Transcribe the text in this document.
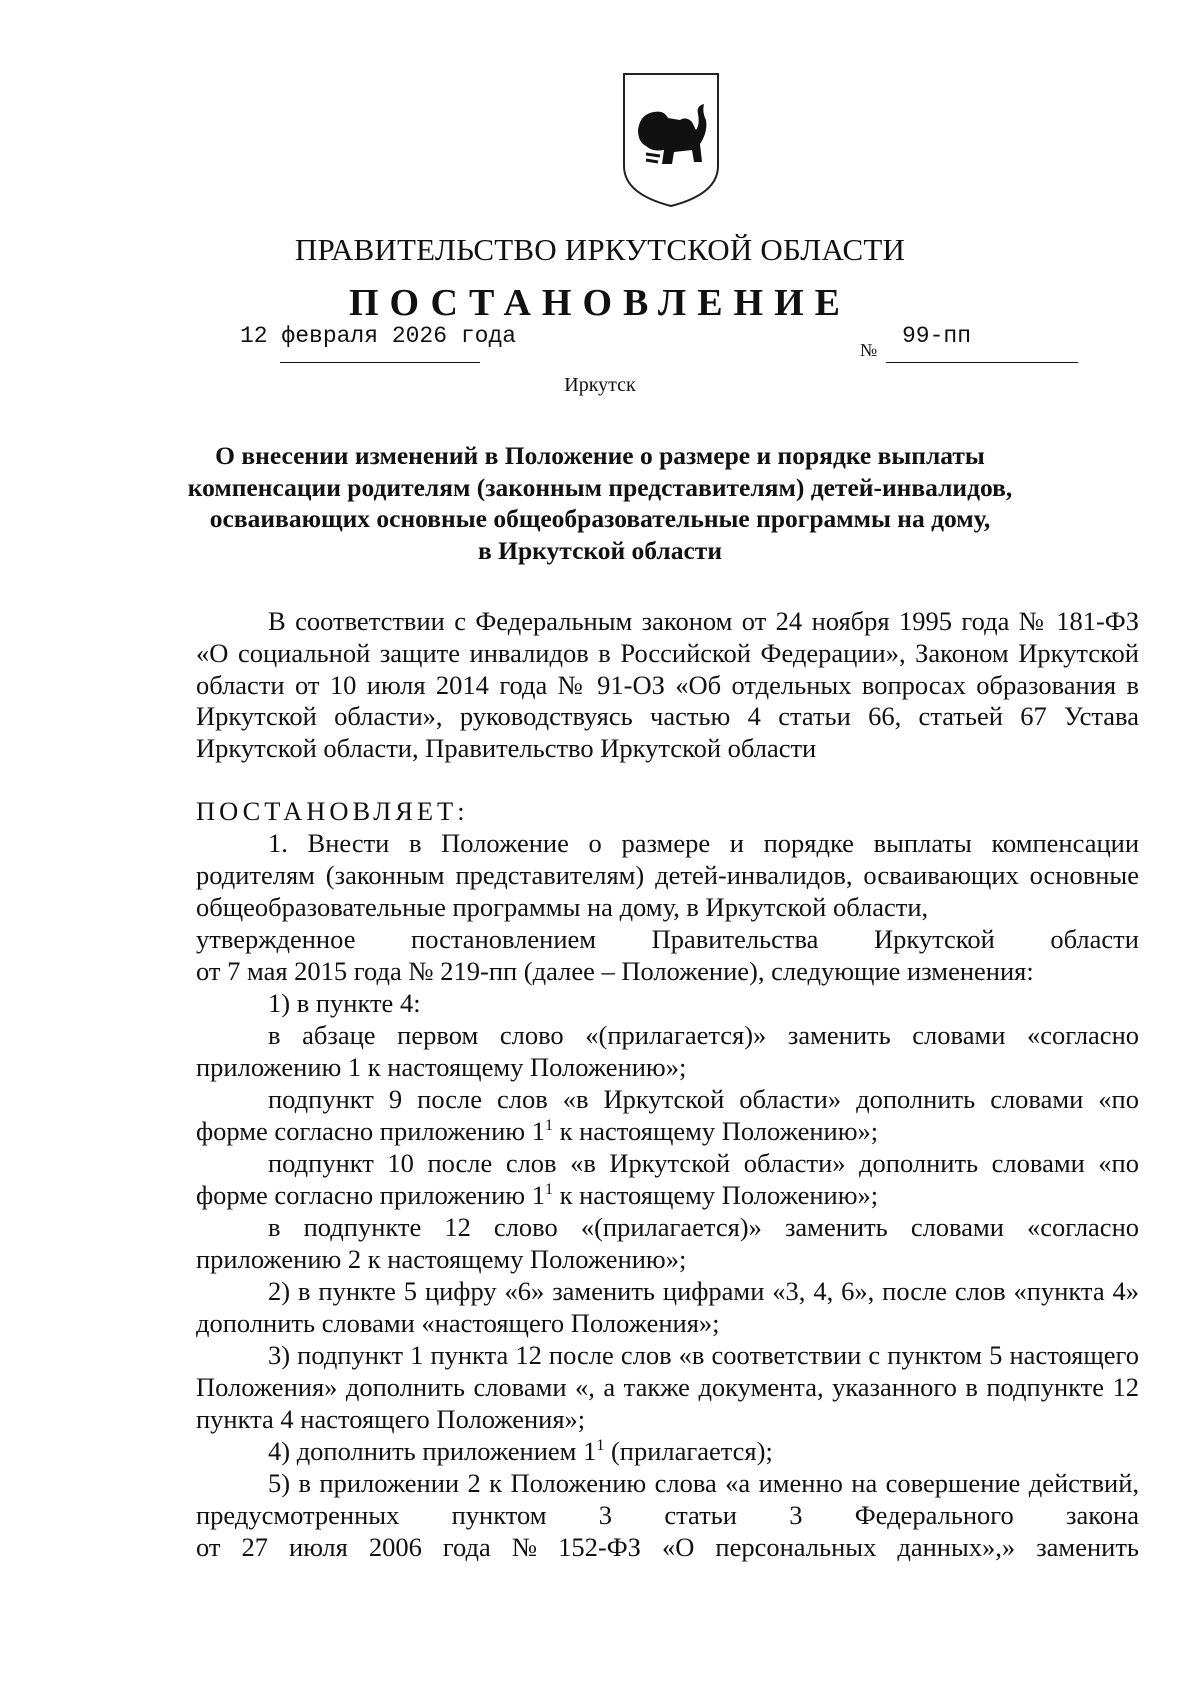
ПРАВИТЕЛЬСТВО ИРКУТСКОЙ ОБЛАСТИ
ПОСТАНОВЛЕНИЕ
12 февраля 2026 года
№
99-пп
Иркутск
О внесении изменений в Положение о размере и порядке выплаты
компенсации родителям (законным представителям) детей-инвалидов,
осваивающих основные общеобразовательные программы на дому,
в Иркутской области
В соответствии с Федеральным законом от 24 ноября 1995 года № 181-ФЗ «О социальной защите инвалидов в Российской Федерации», Законом Иркутской области от 10 июля 2014 года № 91-ОЗ «Об отдельных вопросах образования в Иркутской области», руководствуясь частью 4 статьи 66, статьей 67 Устава Иркутской области, Правительство Иркутской области
ПОСТАНОВЛЯЕТ:
1. Внести в Положение о размере и порядке выплаты компенсации родителям (законным представителям) детей-инвалидов, осваивающих основные общеобразовательные программы на дому, в Иркутской области,
утвержденное постановлением Правительства Иркутской области
от 7 мая 2015 года № 219-пп (далее – Положение), следующие изменения:
1) в пункте 4:
в абзаце первом слово «(прилагается)» заменить словами «согласно приложению 1 к настоящему Положению»;
подпункт 9 после слов «в Иркутской области» дополнить словами «по
форме согласно приложению $1^1$ к настоящему Положению»;
подпункт 10 после слов «в Иркутской области» дополнить словами «по
форме согласно приложению $1^1$ к настоящему Положению»;
в подпункте 12 слово «(прилагается)» заменить словами «согласно приложению 2 к настоящему Положению»;
2) в пункте 5 цифру «6» заменить цифрами «3, 4, 6», после слов «пункта 4» дополнить словами «настоящего Положения»;
3) подпункт 1 пункта 12 после слов «в соответствии с пунктом 5 настоящего Положения» дополнить словами «, а также документа, указанного в подпункте 12 пункта 4 настоящего Положения»;
4) дополнить приложением $1^1$ (прилагается);
5) в приложении 2 к Положению слова «а именно на совершение действий, предусмотренных пунктом 3 статьи 3 Федерального закона
от 27 июля 2006 года № 152-ФЗ «О персональных данных»,» заменить
